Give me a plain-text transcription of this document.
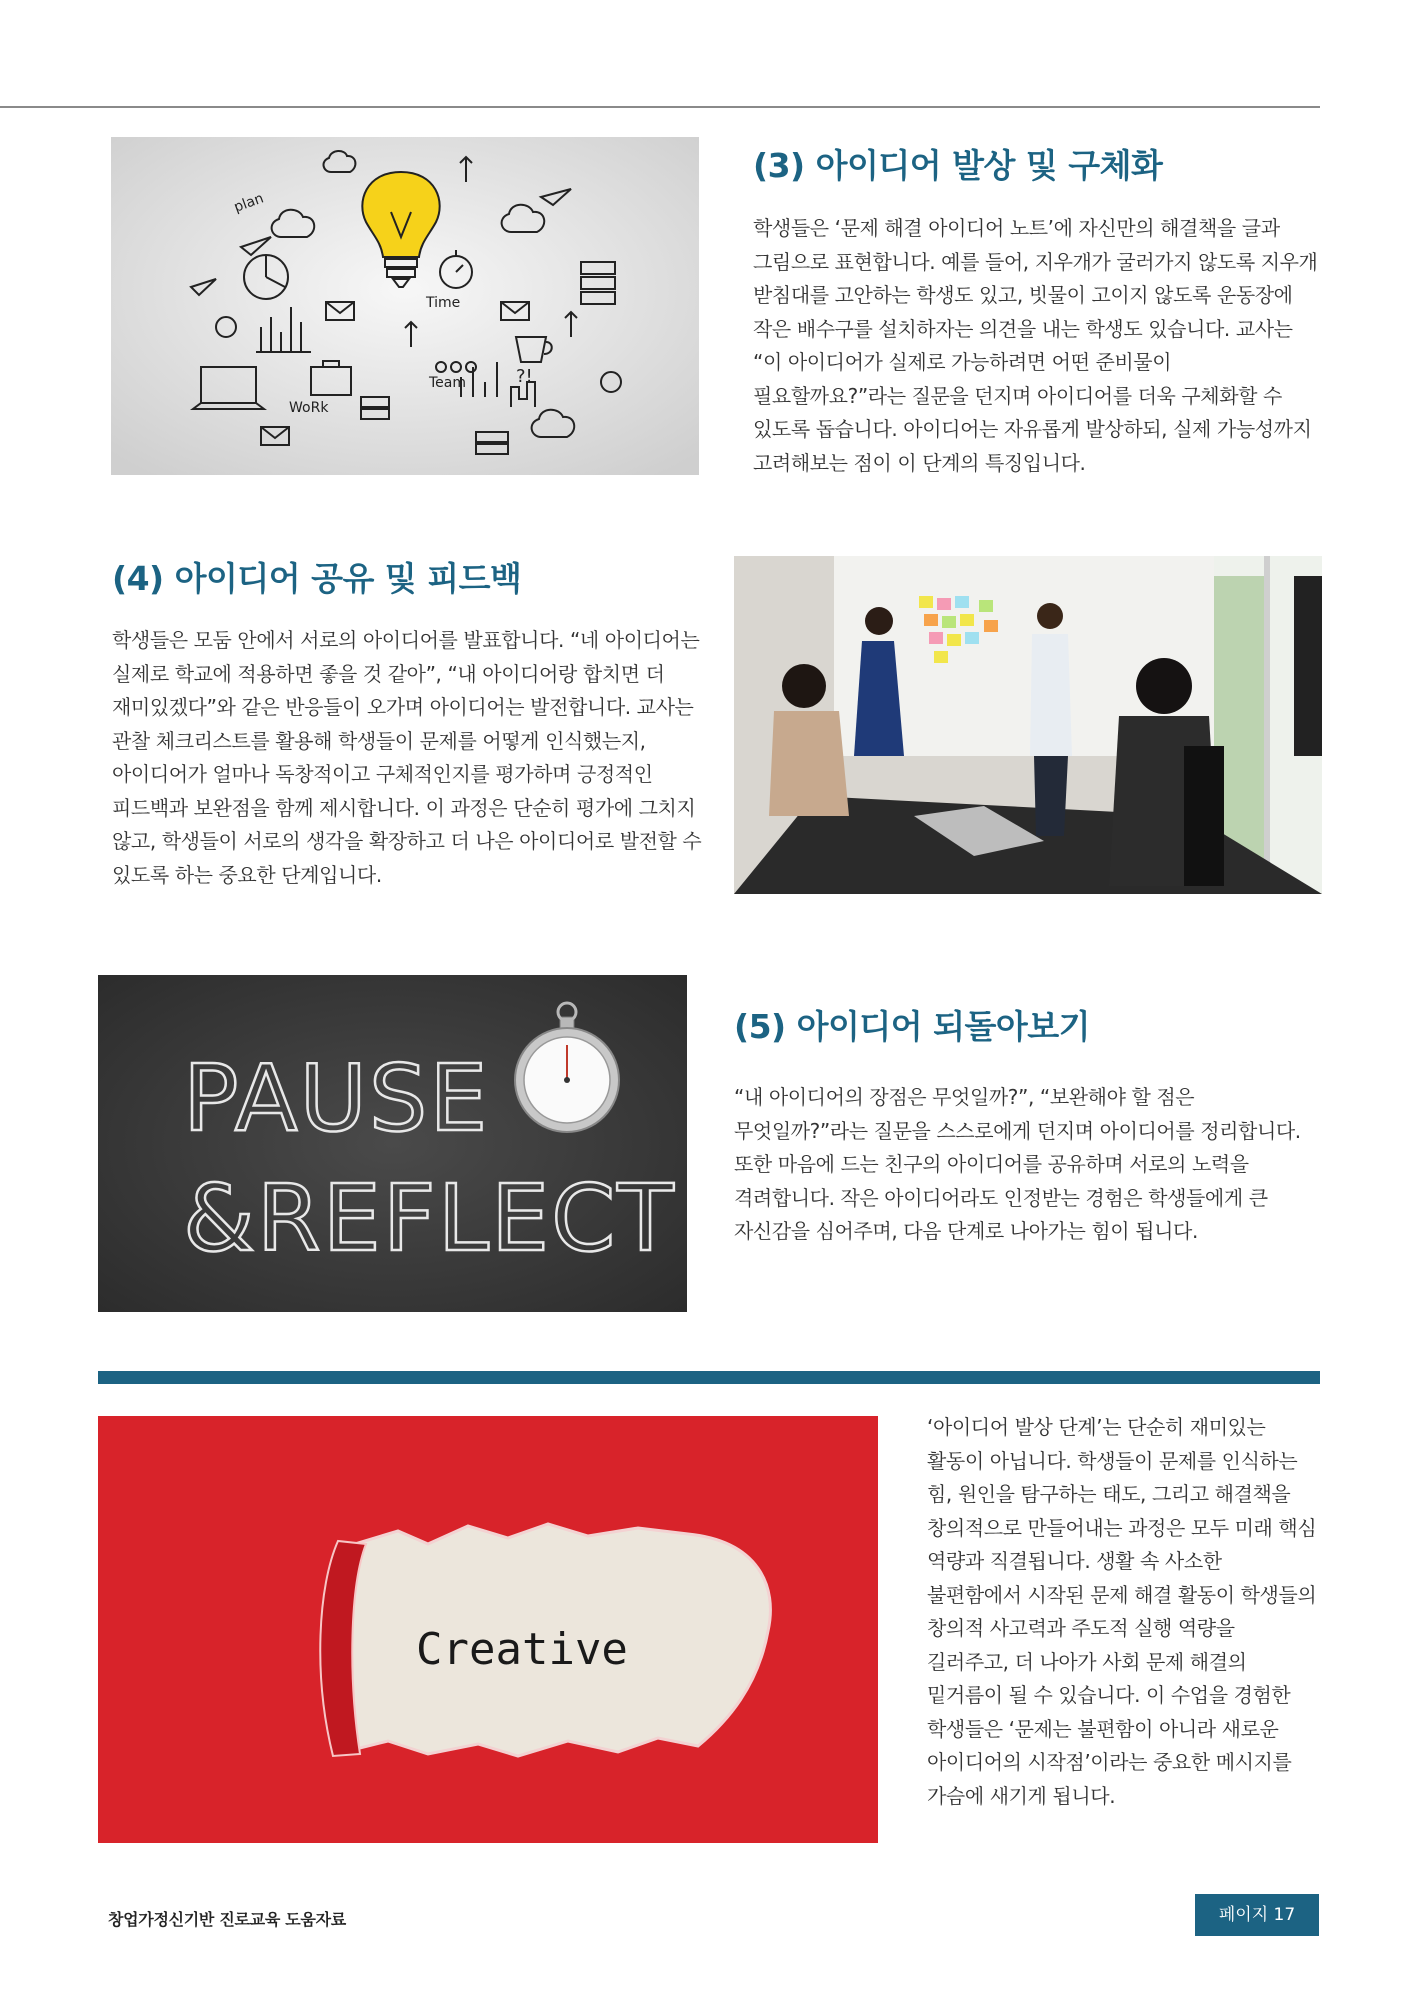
plan
Time
Team
WoRk
?!
(3) 아이디어 발상 및 구체화

학생들은 ‘문제 해결 아이디어 노트’에 자신만의 해결책을 글과 그림으로 표현합니다. 예를 들어, 지우개가 굴러가지 않도록 지우개 받침대를 고안하는 학생도 있고, 빗물이 고이지 않도록 운동장에 작은 배수구를 설치하자는 의견을 내는 학생도 있습니다. 교사는 “이 아이디어가 실제로 가능하려면 어떤 준비물이 필요할까요?”라는 질문을 던지며 아이디어를 더욱 구체화할 수 있도록 돕습니다. 아이디어는 자유롭게 발상하되, 실제 가능성까지 고려해보는 점이 이 단계의 특징입니다.

(4) 아이디어 공유 및 피드백

학생들은 모둠 안에서 서로의 아이디어를 발표합니다. “네 아이디어는 실제로 학교에 적용하면 좋을 것 같아”, “내 아이디어랑 합치면 더 재미있겠다”와 같은 반응들이 오가며 아이디어는 발전합니다. 교사는 관찰 체크리스트를 활용해 학생들이 문제를 어떻게 인식했는지, 아이디어가 얼마나 독창적이고 구체적인지를 평가하며 긍정적인 피드백과 보완점을 함께 제시합니다. 이 과정은 단순히 평가에 그치지 않고, 학생들이 서로의 생각을 확장하고 더 나은 아이디어로 발전할 수 있도록 하는 중요한 단계입니다.

PAUSE
&REFLECT
(5) 아이디어 되돌아보기

“내 아이디어의 장점은 무엇일까?”, “보완해야 할 점은 무엇일까?”라는 질문을 스스로에게 던지며 아이디어를 정리합니다. 또한 마음에 드는 친구의 아이디어를 공유하며 서로의 노력을 격려합니다. 작은 아이디어라도 인정받는 경험은 학생들에게 큰 자신감을 심어주며, 다음 단계로 나아가는 힘이 됩니다.

Creative

‘아이디어 발상 단계’는 단순히 재미있는 활동이 아닙니다. 학생들이 문제를 인식하는 힘, 원인을 탐구하는 태도, 그리고 해결책을 창의적으로 만들어내는 과정은 모두 미래 핵심 역량과 직결됩니다. 생활 속 사소한 불편함에서 시작된 문제 해결 활동이 학생들의 창의적 사고력과 주도적 실행 역량을 길러주고, 더 나아가 사회 문제 해결의 밑거름이 될 수 있습니다. 이 수업을 경험한 학생들은 ‘문제는 불편함이 아니라 새로운 아이디어의 시작점’이라는 중요한 메시지를 가슴에 새기게 됩니다.

창업가정신기반 진로교육 도움자료	페이지 17
